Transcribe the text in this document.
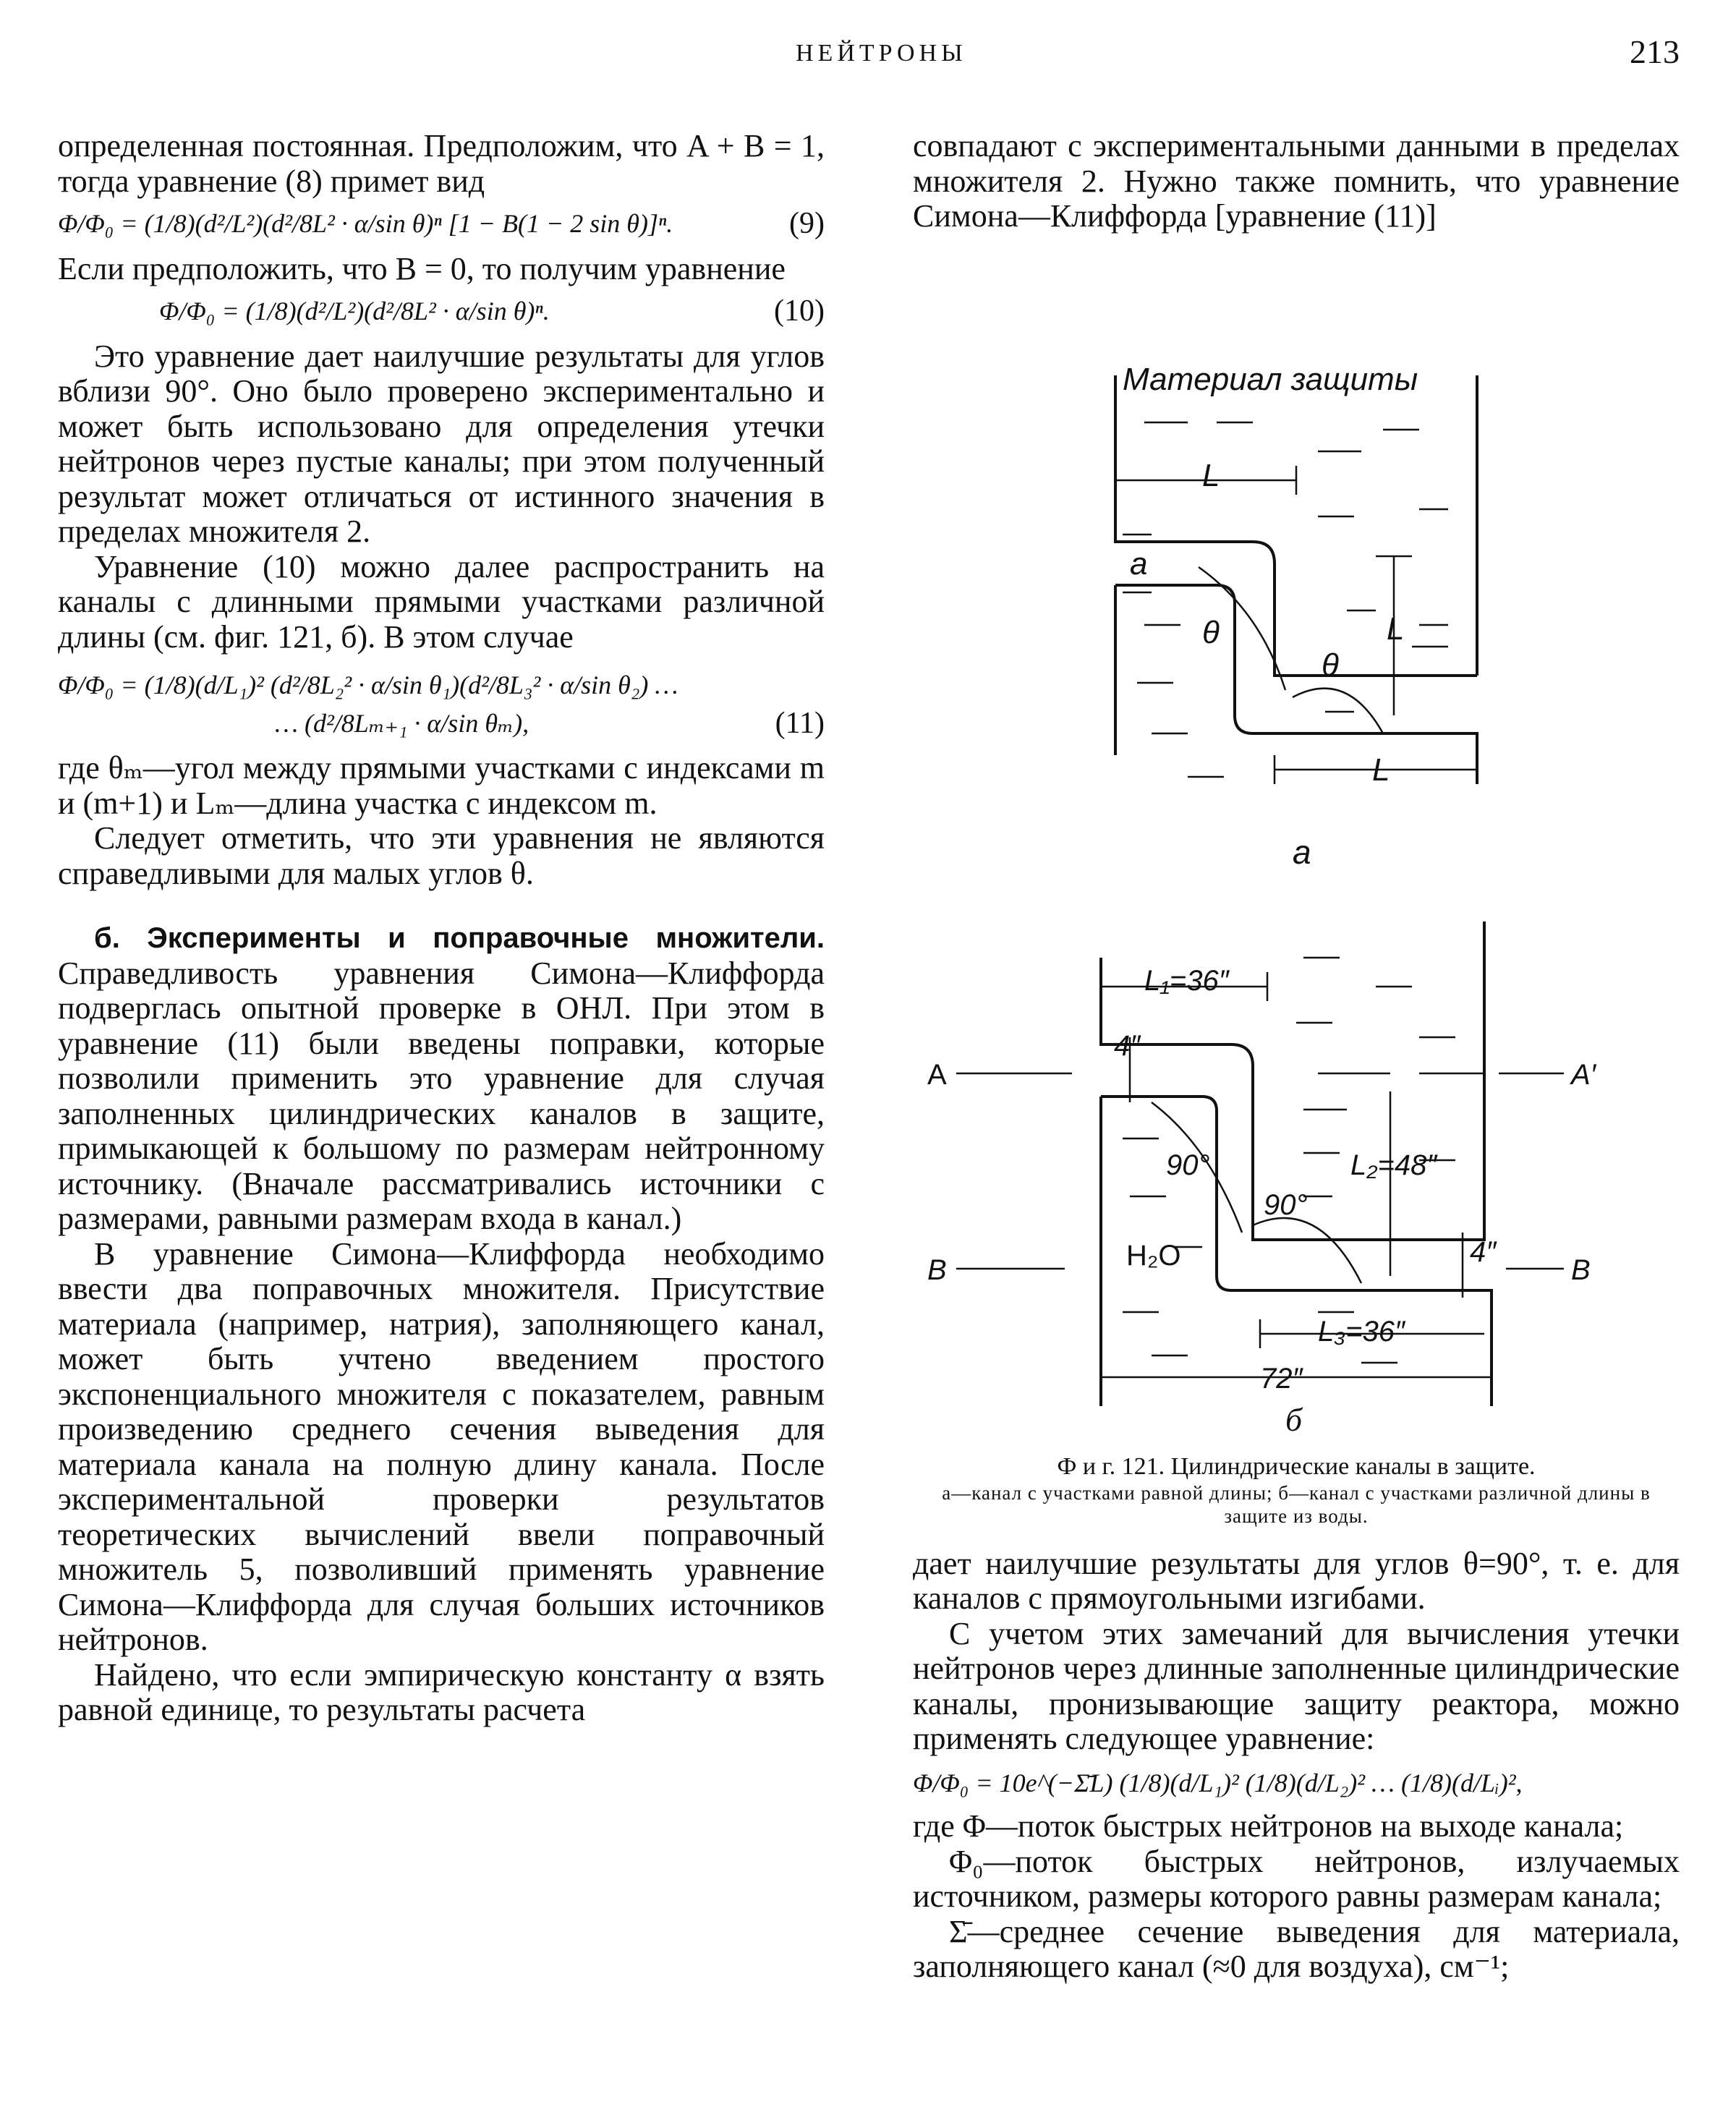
НЕЙТРОНЫ	213

определенная постоянная. Предположим, что A + B = 1, тогда уравнение (8) примет вид

Φ/Φ₀ = (1/8)(d²/L²)(d²/8L² · α/sin θ)ⁿ [1 − B(1 − 2 sin θ)]ⁿ.	(9)

Если предположить, что B = 0, то получим уравнение

Φ/Φ₀ = (1/8)(d²/L²)(d²/8L² · α/sin θ)ⁿ.	(10)

Это уравнение дает наилучшие результаты для углов вблизи 90°. Оно было проверено экспериментально и может быть использовано для определения утечки нейтронов через пустые каналы; при этом полученный результат может отличаться от истинного значения в пределах множителя 2.

Уравнение (10) можно далее распространить на каналы с длинными прямыми участками различной длины (см. фиг. 121, б). В этом случае

Φ/Φ₀ = (1/8)(d/L₁)² (d²/8L₂² · α/sin θ₁)(d²/8L₃² · α/sin θ₂) …
… (d²/8Lₘ₊₁ · α/sin θₘ),	(11)

где θₘ—угол между прямыми участками с индексами m и (m+1) и Lₘ—длина участка с индексом m.

Следует отметить, что эти уравнения не являются справедливыми для малых углов θ.

б. Эксперименты и поправочные множители. Справедливость уравнения Симона—Клиффорда подверглась опытной проверке в ОНЛ. При этом в уравнение (11) были введены поправки, которые позволили применить это уравнение для случая заполненных цилиндрических каналов в защите, примыкающей к большому по размерам нейтронному источнику. (Вначале рассматривались источники с размерами, равными размерам входа в канал.)

В уравнение Симона—Клиффорда необходимо ввести два поправочных множителя. Присутствие материала (например, натрия), заполняющего канал, может быть учтено введением простого экспоненциального множителя с показателем, равным произведению среднего сечения выведения для материала канала на полную длину канала. После экспериментальной проверки результатов теоретических вычислений ввели поправочный множитель 5, позволивший применять уравнение Симона—Клиффорда для случая больших источников нейтронов.

Найдено, что если эмпирическую константу α взять равной единице, то результаты расчета

совпадают с экспериментальными данными в пределах множителя 2. Нужно также помнить, что уравнение Симона—Клиффорда [уравнение (11)]

Материал защиты
L
a
θ	L
θ
L
а
L₁=36″
A
4″
A′
90°	L₂=48″
90°
H₂O	4″
B	B
L₃=36″
72″
б
Ф и г. 121. Цилиндрические каналы в защите.
а—канал с участками равной длины; б—канал с участками различной длины в защите из воды.

дает наилучшие результаты для углов θ=90°, т. е. для каналов с прямоугольными изгибами.

С учетом этих замечаний для вычисления утечки нейтронов через длинные заполненные цилиндрические каналы, пронизывающие защиту реактора, можно применять следующее уравнение:

Φ/Φ₀ = 10e^(−Σ̄L) (1/8)(d/L₁)² (1/8)(d/L₂)² … (1/8)(d/Lᵢ)²,

где Φ—поток быстрых нейтронов на выходе канала;

Φ₀—поток быстрых нейтронов, излучаемых источником, размеры которого равны размерам канала;

Σ̄—среднее сечение выведения для материала, заполняющего канал (≈0 для воздуха), см⁻¹;
